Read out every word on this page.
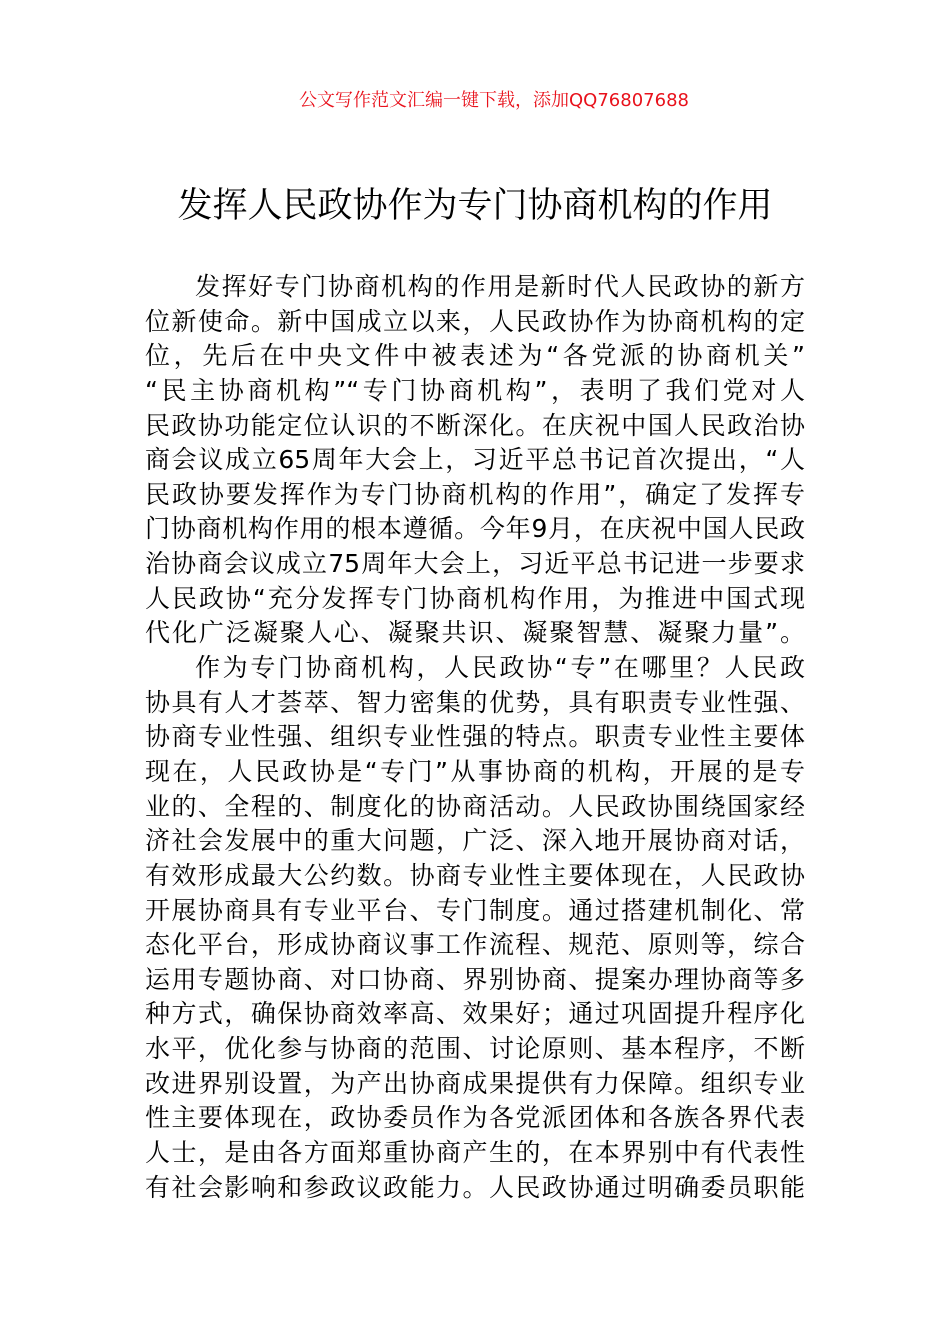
公文写作范文汇编一键下载，添加QQ76807688
发挥人民政协作为专门协商机构的作用
发挥好专门协商机构的作用是新时代人民政协的新方
位新使命。新中国成立以来，人民政协作为协商机构的定
位，先后在中央文件中被表述为“各党派的协商机关”
“民主协商机构”“专门协商机构”，表明了我们党对人
民政协功能定位认识的不断深化。在庆祝中国人民政治协
商会议成立65周年大会上，习近平总书记首次提出，“人
民政协要发挥作为专门协商机构的作用”，确定了发挥专
门协商机构作用的根本遵循。今年9月，在庆祝中国人民政
治协商会议成立75周年大会上，习近平总书记进一步要求
人民政协“充分发挥专门协商机构作用，为推进中国式现
代化广泛凝聚人心、凝聚共识、凝聚智慧、凝聚力量”。
作为专门协商机构，人民政协“专”在哪里？人民政
协具有人才荟萃、智力密集的优势，具有职责专业性强、
协商专业性强、组织专业性强的特点。职责专业性主要体
现在，人民政协是“专门”从事协商的机构，开展的是专
业的、全程的、制度化的协商活动。人民政协围绕国家经
济社会发展中的重大问题，广泛、深入地开展协商对话，
有效形成最大公约数。协商专业性主要体现在，人民政协
开展协商具有专业平台、专门制度。通过搭建机制化、常
态化平台，形成协商议事工作流程、规范、原则等，综合
运用专题协商、对口协商、界别协商、提案办理协商等多
种方式，确保协商效率高、效果好；通过巩固提升程序化
水平，优化参与协商的范围、讨论原则、基本程序，不断
改进界别设置，为产出协商成果提供有力保障。组织专业
性主要体现在，政协委员作为各党派团体和各族各界代表
人士，是由各方面郑重协商产生的，在本界别中有代表性
有社会影响和参政议政能力。人民政协通过明确委员职能
